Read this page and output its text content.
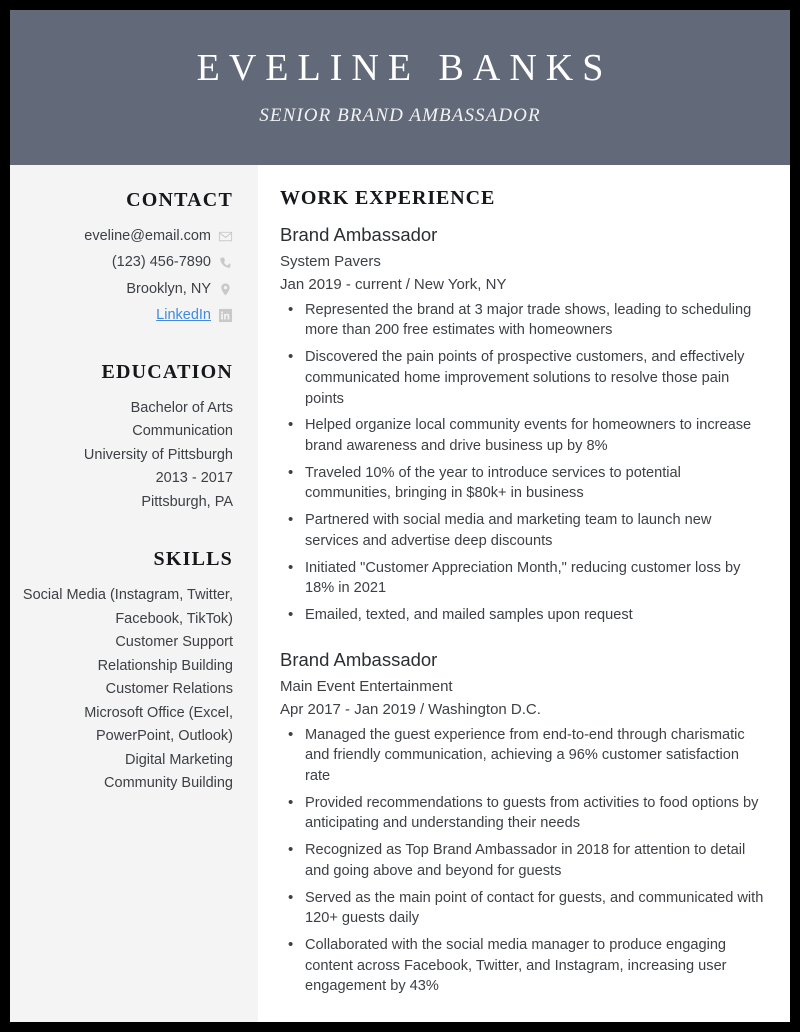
EVELINE BANKS
SENIOR BRAND AMBASSADOR
CONTACT
eveline@email.com
(123) 456-7890
Brooklyn, NY
LinkedIn
EDUCATION
Bachelor of Arts
Communication
University of Pittsburgh
2013 - 2017
Pittsburgh, PA
SKILLS
Social Media (Instagram, Twitter, Facebook, TikTok)
Customer Support
Relationship Building
Customer Relations
Microsoft Office (Excel, PowerPoint, Outlook)
Digital Marketing
Community Building
WORK EXPERIENCE
Brand Ambassador
System Pavers
Jan 2019 - current / New York, NY
• Represented the brand at 3 major trade shows, leading to scheduling more than 200 free estimates with homeowners
• Discovered the pain points of prospective customers, and effectively communicated home improvement solutions to resolve those pain points
• Helped organize local community events for homeowners to increase brand awareness and drive business up by 8%
• Traveled 10% of the year to introduce services to potential communities, bringing in $80k+ in business
• Partnered with social media and marketing team to launch new services and advertise deep discounts
• Initiated "Customer Appreciation Month," reducing customer loss by 18% in 2021
• Emailed, texted, and mailed samples upon request
Brand Ambassador
Main Event Entertainment
Apr 2017 - Jan 2019 / Washington D.C.
• Managed the guest experience from end-to-end through charismatic and friendly communication, achieving a 96% customer satisfaction rate
• Provided recommendations to guests from activities to food options by anticipating and understanding their needs
• Recognized as Top Brand Ambassador in 2018 for attention to detail and going above and beyond for guests
• Served as the main point of contact for guests, and communicated with 120+ guests daily
• Collaborated with the social media manager to produce engaging content across Facebook, Twitter, and Instagram, increasing user engagement by 43%
